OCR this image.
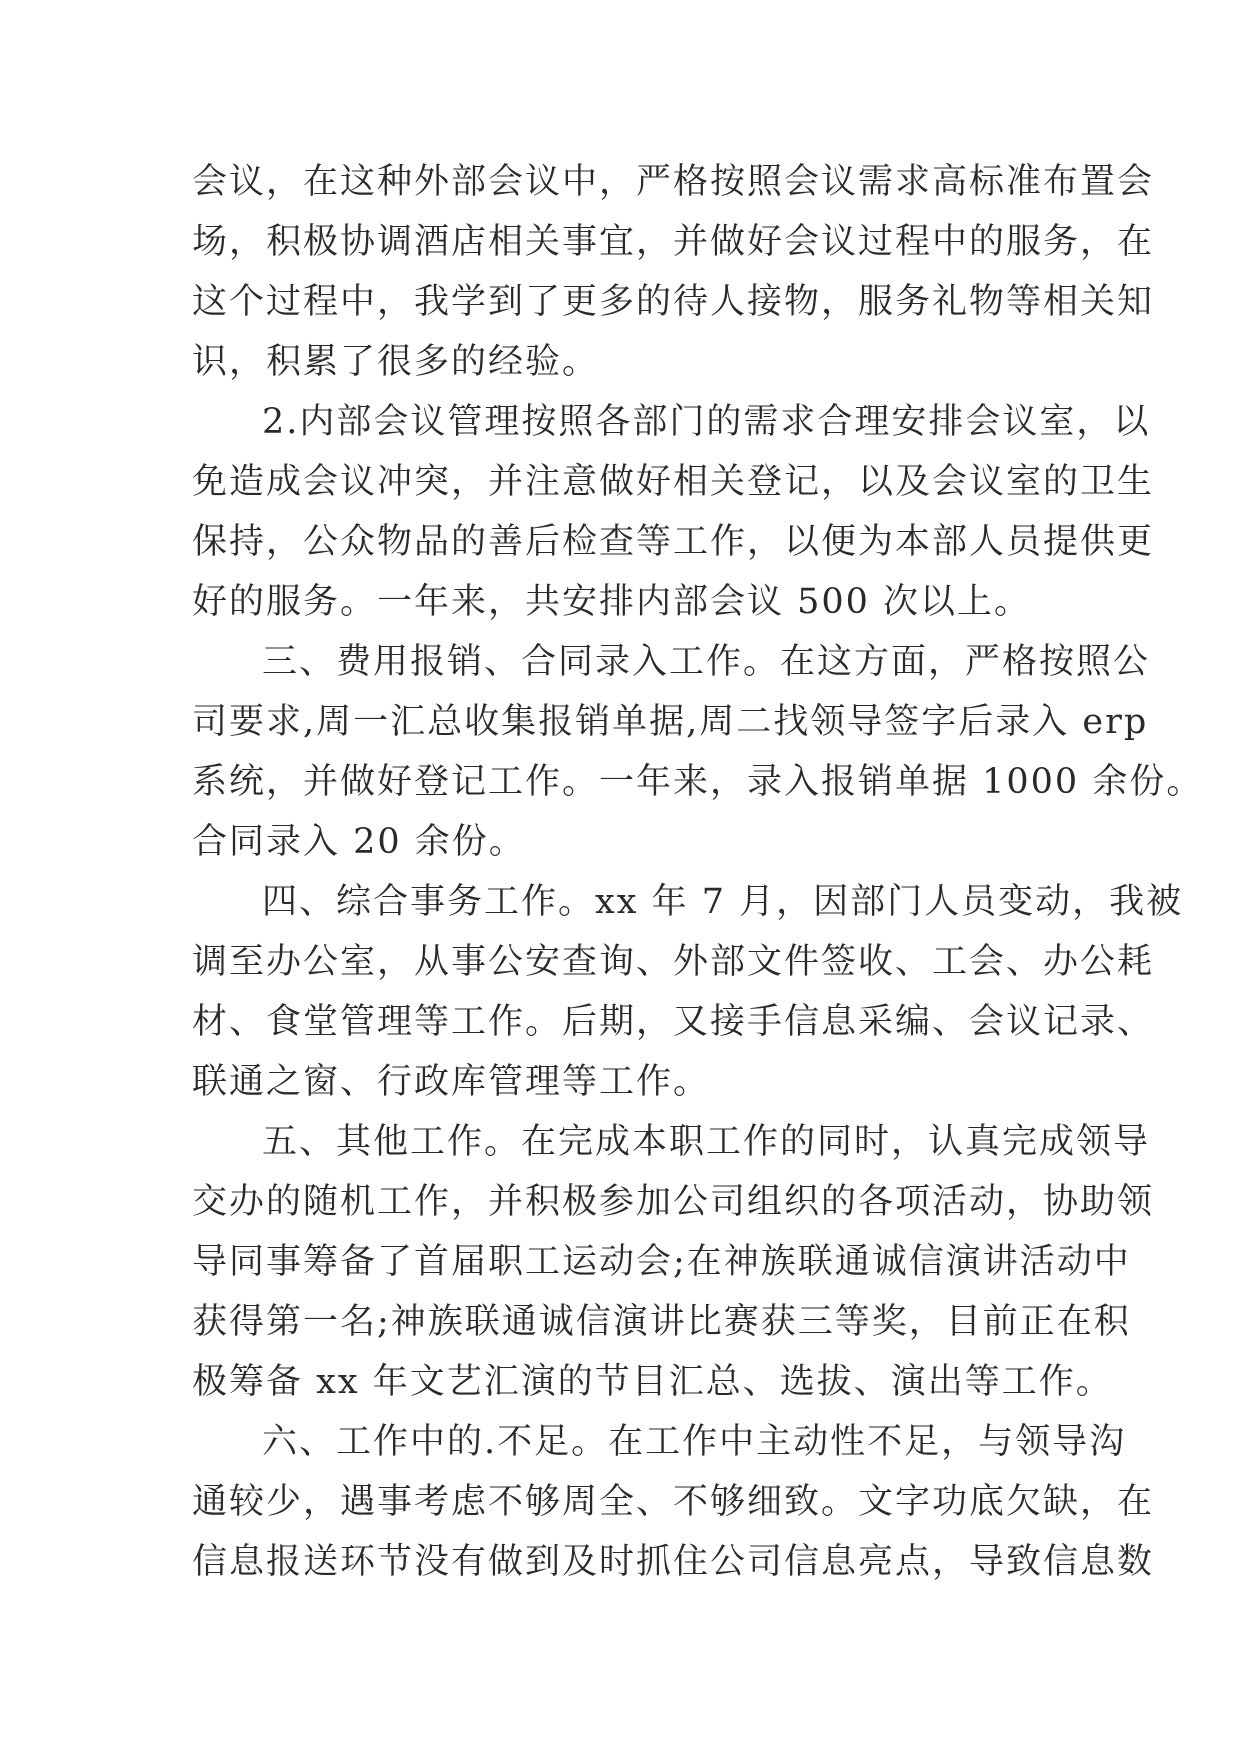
会议，在这种外部会议中，严格按照会议需求高标准布置会
场，积极协调酒店相关事宜，并做好会议过程中的服务，在
这个过程中，我学到了更多的待人接物，服务礼物等相关知
识，积累了很多的经验。
2.内部会议管理按照各部门的需求合理安排会议室，以
免造成会议冲突，并注意做好相关登记，以及会议室的卫生
保持，公众物品的善后检查等工作，以便为本部人员提供更
好的服务。一年来，共安排内部会议 500 次以上。
三、费用报销、合同录入工作。在这方面，严格按照公
司要求,周一汇总收集报销单据,周二找领导签字后录入 erp
系统，并做好登记工作。一年来，录入报销单据 1000 余份。
合同录入 20 余份。
四、综合事务工作。xx 年 7 月，因部门人员变动，我被
调至办公室，从事公安查询、外部文件签收、工会、办公耗
材、食堂管理等工作。后期，又接手信息采编、会议记录、
联通之窗、行政库管理等工作。
五、其他工作。在完成本职工作的同时，认真完成领导
交办的随机工作，并积极参加公司组织的各项活动，协助领
导同事筹备了首届职工运动会;在神族联通诚信演讲活动中
获得第一名;神族联通诚信演讲比赛获三等奖，目前正在积
极筹备 xx 年文艺汇演的节目汇总、选拔、演出等工作。
六、工作中的.不足。在工作中主动性不足，与领导沟
通较少，遇事考虑不够周全、不够细致。文字功底欠缺，在
信息报送环节没有做到及时抓住公司信息亮点，导致信息数
